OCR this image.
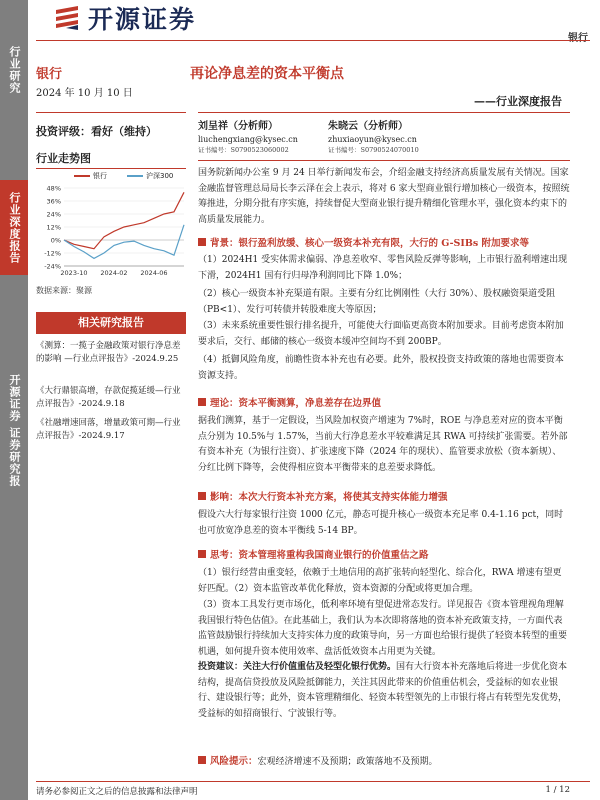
行业研究
行业深度报告
开源证券 证券研究报
开源证券
银行
银行
2024 年 10 月 10 日
投资评级：看好（维持）
行业走势图
银行	沪深300
48%
36%
24%
12%
0%
-12%
-24%
2023-10 2024-02 2024-06
数据来源：聚源
相关研究报告
《测算：一揽子金融政策对银行净息差的影响 —行业点评报告》-2024.9.25
《大行鼎银高增，存款促揽延缓—行业点评报告》-2024.9.18
《社融增速回落，增量政策可期—行业点评报告》-2024.9.17
再论净息差的资本平衡点
——行业深度报告
刘呈祥（分析师）
liuchengxiang@kysec.cn
证书编号：S0790523060002
朱晓云（分析师）
zhuxiaoyun@kysec.cn
证书编号：S0790524070010
国务院新闻办公室 9 月 24 日举行新闻发布会，介绍金融支持经济高质量发展有关情况。国家金融监督管理总局局长李云泽在会上表示，将对 6 家大型商业银行增加核心一级资本，按照统筹推进，分期分批有序实施，持续督促大型商业银行提升精细化管理水平，强化资本约束下的高质量发展能力。
背景：银行盈利放缓、核心一级资本补充有限，大行的 G-SIBs 附加要求等
（1）2024H1 受实体需求偏弱、净息差收窄、零售风险反弹等影响，上市银行盈利增速出现下滑，2024H1 国有行归母净利润同比下降 1.0%；
（2）核心一级资本补充渠道有限。主要有分红比例刚性（大行 30%）、股权融资渠道受阻（PB<1）、发行可转债并转股难度大等原因；
（3）未来系统重要性银行排名提升，可能使大行面临更高资本附加要求。目前考虑资本附加要求后，交行、邮储的核心一级资本缓冲空间均不到 200BP。
（4）抵御风险角度，前瞻性资本补充也有必要。此外，股权投资支持政策的落地也需要资本资源支持。
理论：资本平衡测算，净息差存在边界值
据我们测算，基于一定假设，当风险加权资产增速为 7%时，ROE 与净息差对应的资本平衡点分别为 10.5%与 1.57%，当前大行净息差水平较难满足其 RWA 可持续扩张需要。若外部有资本补充（为银行注资）、扩张速度下降（2024 年的现状）、监管要求放松（资本新规）、分红比例下降等，会使得相应资本平衡带来的息差要求降低。
影响：本次大行资本补充方案，将使其支持实体能力增强
假设六大行每家银行注资 1000 亿元，静态可提升核心一级资本充足率 0.4-1.16 pct，同时也可放宽净息差的资本平衡线 5-14 BP。
思考：资本管理将重构我国商业银行的价值重估之路
（1）银行经营由重变轻，依赖于土地信用的高扩张转向轻型化、综合化，RWA 增速有望更好匹配。（2）资本监管改革优化释放，资本资源的分配或将更加合理。
（3）资本工具发行更市场化，低利率环境有望促进常态发行。详见报告《资本管理视角理解我国银行特色估值》。在此基础上，我们认为本次即将落地的资本补充政策支持，一方面代表监管鼓励银行持续加大支持实体力度的政策导向，另一方面也给银行提供了轻资本转型的重要机遇，如何提升资本使用效率、盘活低效资本占用更为关键。
投资建议：关注大行价值重估及轻型化银行优势。国有大行资本补充落地后将进一步优化资本结构，提高信贷投放及风险抵御能力，关注其因此带来的价值重估机会，受益标的如农业银行、建设银行等；此外，资本管理精细化、轻资本转型领先的上市银行将占有转型先发优势，受益标的如招商银行、宁波银行等。
风险提示：宏观经济增速不及预期；政策落地不及预期。
请务必参阅正文之后的信息披露和法律声明	1 / 12
